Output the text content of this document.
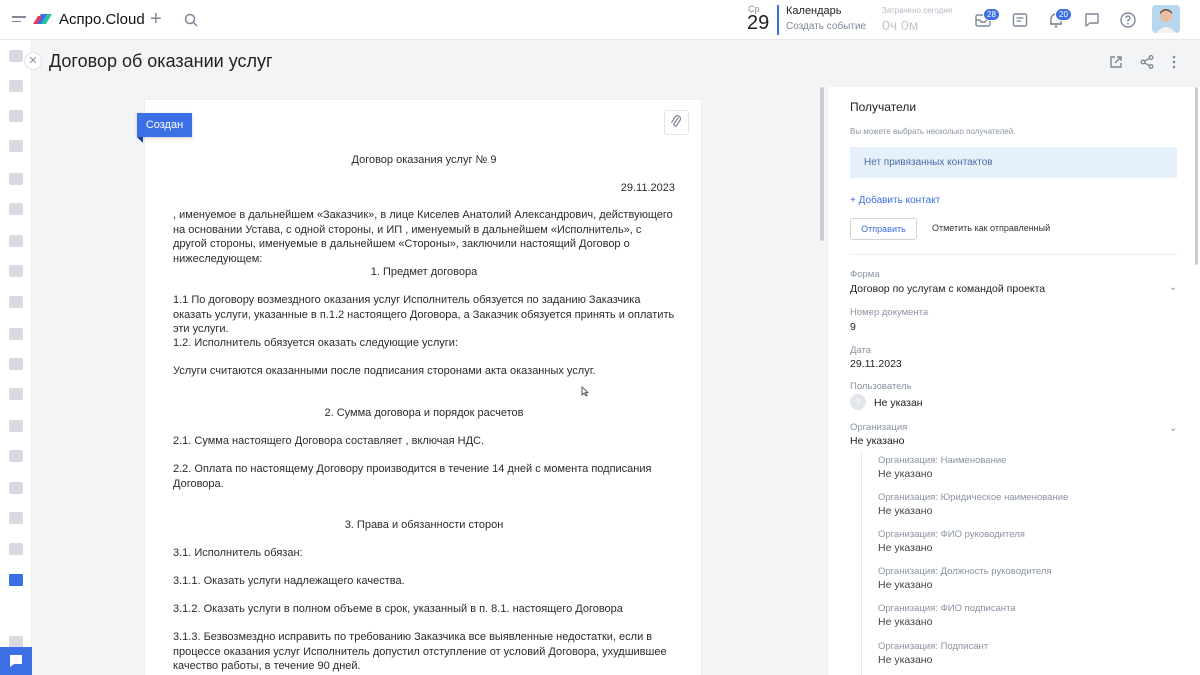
Аспро.Cloud +	Ср
29
Календарь
Создать событие
Затрачено сегодня
0ч 0м
28	20
✕ Договор об оказании услуг
Договор оказания услуг № 9
29.11.2023
, именуемое в дальнейшем «Заказчик», в лице Киселев Анатолий Александрович, действующего на основании Устава, с одной стороны, и ИП , именуемый в дальнейшем «Исполнитель», с другой стороны, именуемые в дальнейшем «Стороны», заключили настоящий Договор о нижеследующем:
1. Предмет договора
1.1 По договору возмездного оказания услуг Исполнитель обязуется по заданию Заказчика оказать услуги, указанные в п.1.2 настоящего Договора, а Заказчик обязуется принять и оплатить эти услуги.
1.2. Исполнитель обязуется оказать следующие услуги:
Услуги считаются оказанными после подписания сторонами акта оказанных услуг.
2. Сумма договора и порядок расчетов
2.1. Сумма настоящего Договора составляет , включая НДС.
2.2. Оплата по настоящему Договору производится в течение 14 дней с момента подписания Договора.
3. Права и обязанности сторон
3.1. Исполнитель обязан:
3.1.1. Оказать услуги надлежащего качества.
3.1.2. Оказать услуги в полном объеме в срок, указанный в п. 8.1. настоящего Договора
3.1.3. Безвозмездно исправить по требованию Заказчика все выявленные недостатки, если в процессе оказания услуг Исполнитель допустил отступление от условий Договора, ухудшившее качество работы, в течение 90 дней.
Создан
Получатели
Вы можете выбрать несколько получателей.
Нет привязанных контактов
+ Добавить контакт
Отправить	Отметить как отправленный
Форма
Договор по услугам с командой проекта	⌄
Номер документа
9
Дата
29.11.2023
Пользователь
?	Не указан
Организация
Не указано
⌄
Организация: Наименование
Не указано
Организация: Юридическое наименование
Не указано
Организация: ФИО руководителя
Не указано
Организация: Должность руководителя
Не указано
Организация: ФИО подписанта
Не указано
Организация: Подписант
Не указано
